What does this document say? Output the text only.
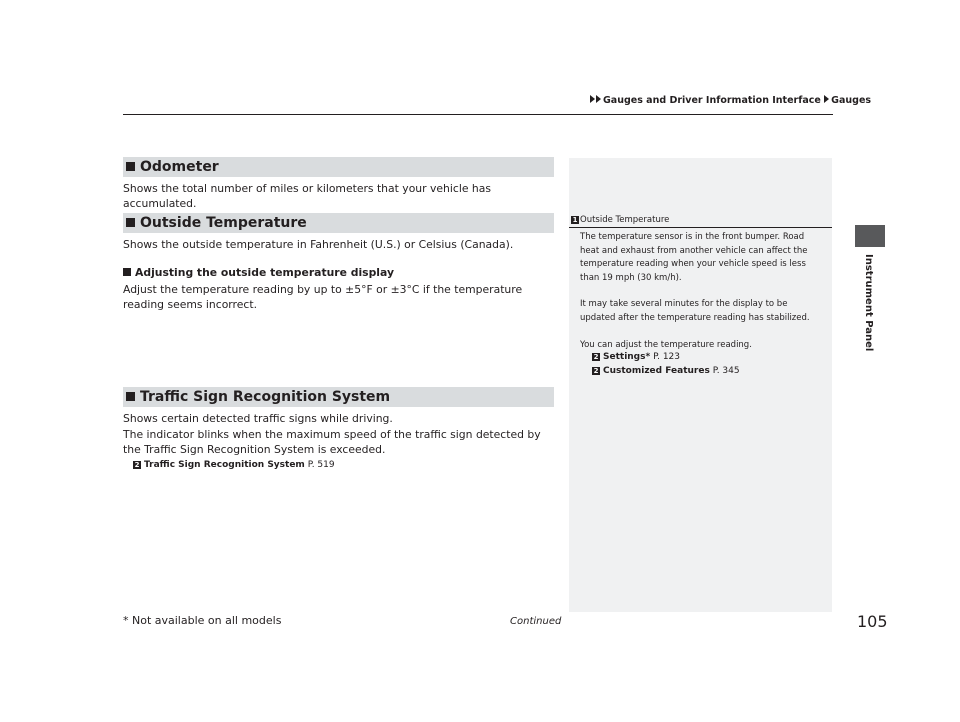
Gauges and Driver Information Interface Gauges
Instrument Panel
Odometer
Shows the total number of miles or kilometers that your vehicle has accumulated.
Outside Temperature
Shows the outside temperature in Fahrenheit (U.S.) or Celsius (Canada).
Adjusting the outside temperature display
Adjust the temperature reading by up to ±5°F or ±3°C if the temperature reading seems incorrect.
Traffic Sign Recognition System
Shows certain detected traffic signs while driving.
The indicator blinks when the maximum speed of the traffic sign detected by the Traffic Sign Recognition System is exceeded.
2 Traffic Sign Recognition System P. 519
1 Outside Temperature
The temperature sensor is in the front bumper. Road heat and exhaust from another vehicle can affect the temperature reading when your vehicle speed is less than 19 mph (30 km/h).
It may take several minutes for the display to be updated after the temperature reading has stabilized.
You can adjust the temperature reading.
2 Settings* P. 123
2 Customized Features P. 345
* Not available on all models	Continued	105
